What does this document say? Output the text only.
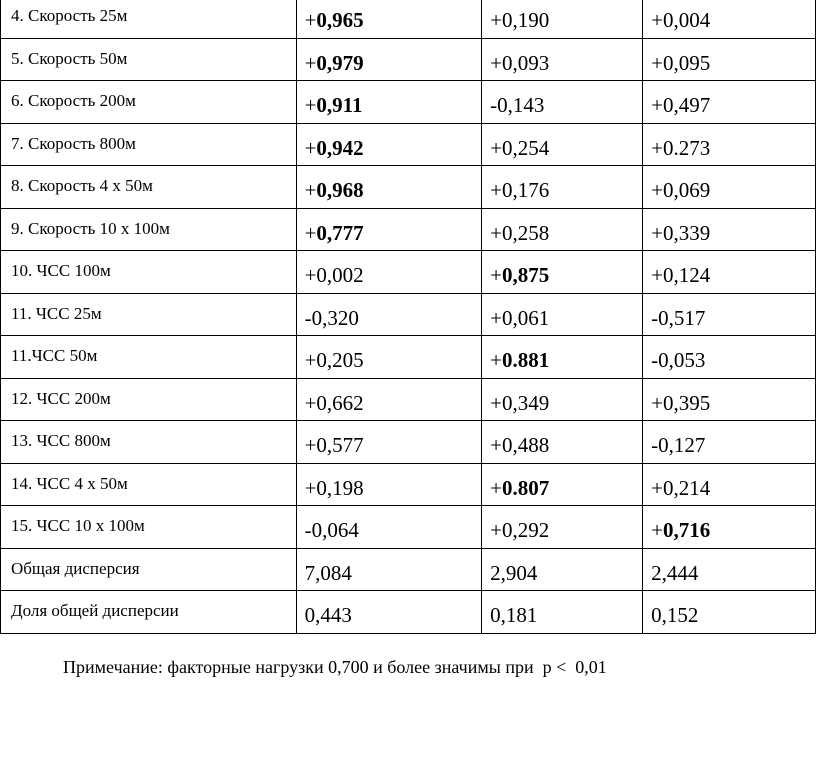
4. Скорость 25м	+0,965	+0,190	+0,004
5. Скорость 50м	+0,979	+0,093	+0,095
6. Скорость 200м	+0,911	-0,143	+0,497
7. Скорость 800м	+0,942	+0,254	+0.273
8. Скорость 4 х 50м	+0,968	+0,176	+0,069
9. Скорость 10 х 100м	+0,777	+0,258	+0,339
10. ЧСС 100м	+0,002	+0,875	+0,124
11. ЧСС 25м	-0,320	+0,061	-0,517
11.ЧСС 50м	+0,205	+0.881	-0,053
12. ЧСС 200м	+0,662	+0,349	+0,395
13. ЧСС 800м	+0,577	+0,488	-0,127
14. ЧСС 4 х 50м	+0,198	+0.807	+0,214
15. ЧСС 10 х 100м	-0,064	+0,292	+0,716
Общая дисперсия	7,084	2,904	2,444
Доля общей дисперсии	0,443	0,181	0,152
Примечание: факторные нагрузки 0,700 и более значимы при  p <  0,01
